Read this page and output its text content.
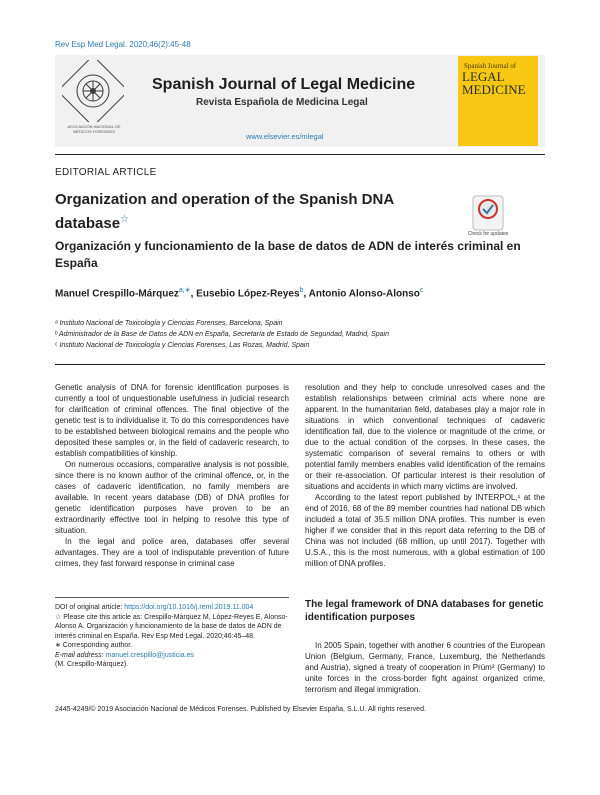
Rev Esp Med Legal. 2020;46(2):45-48
ASOCIACIÓN NACIONAL DE
MÉDICOS FORENSES
Spanish Journal of Legal Medicine
Revista Española de Medicina Legal
www.elsevier.es/mlegal
Spanish Journal of
LEGAL MEDICINE
EDITORIAL ARTICLE
Organization and operation of the Spanish DNA database☆
Check for updates
Organización y funcionamiento de la base de datos de ADN de interés criminal en España
Manuel Crespillo-Márquez$^{a,∗}$, Eusebio López-Reyes$^b$, Antonio Alonso-Alonso$^c$
ᵃ Instituto Nacional de Toxicología y Ciencias Forenses, Barcelona, Spain
ᵇ Administrador de la Base de Datos de ADN en España, Secretaría de Estado de Seguridad, Madrid, Spain
ᶜ Instituto Nacional de Toxicología y Ciencias Forenses, Las Rozas, Madrid, Spain

Genetic analysis of DNA for forensic identification purposes is currently a tool of unquestionable usefulness in judicial research for clarification of criminal offences. The final objective of the genetic test is to individualise it. To do this correspondences have to be established between biological remains and the people who deposited these samples or, in the field of cadaveric research, to establish compatibilities of kinship.

On numerous occasions, comparative analysis is not possible, since there is no known author of the criminal offence, or, in the cases of cadaveric identification, no family members are available. In recent years database (DB) of DNA profiles for genetic identification purposes have proven to be an extraordinarily effective tool in helping to resolve this type of situation.

In the legal and police area, databases offer several advantages. They are a tool of indisputable prevention of future crimes, they fast forward response in criminal case

resolution and they help to conclude unresolved cases and the establish relationships between criminal acts where none are apparent. In the humanitarian field, databases play a major role in situations in which conventional techniques of cadaveric identification fail, due to the violence or magnitude of the crime, or due to the actual condition of the corpses. In these cases, the systematic comparison of several remains to others or with potential family members enables valid identification of the remains or their re-association. Of particular interest is their resolution of situations and accidents in which many victims are involved.

According to the latest report published by INTERPOL,¹ at the end of 2016, 68 of the 89 member countries had national DB which included a total of 35.5 million DNA profiles. This number is even higher if we consider that in this report data referring to the DB of China was not included (68 million, up until 2017). Together with U.S.A., this is the most numerous, with a global estimation of 100 million of DNA profiles.

The legal framework of DNA databases for genetic identification purposes

In 2005 Spain, together with another 6 countries of the European Union (Belgium, Germany, France, Luxemburg, the Netherlands and Austria), signed a treaty of cooperation in Prüm² (Germany) to unite forces in the cross-border fight against organized crime, terrorism and illegal immigration.

DOI of original article: https://doi.org/10.1016/j.reml.2019.11.004

☆ Please cite this article as: Crespillo-Márquez M, López-Reyes E, Alonso-Alonso A. Organización y funcionamiento de la base de datos de ADN de interés criminal en España. Rev Esp Med Legal. 2020;46:45–48.

∗ Corresponding author.

E-mail address: manuel.crespillo@justicia.es

(M. Crespillo-Márquez).

2445-4249/© 2019 Asociación Nacional de Médicos Forenses. Published by Elsevier España, S.L.U. All rights reserved.
